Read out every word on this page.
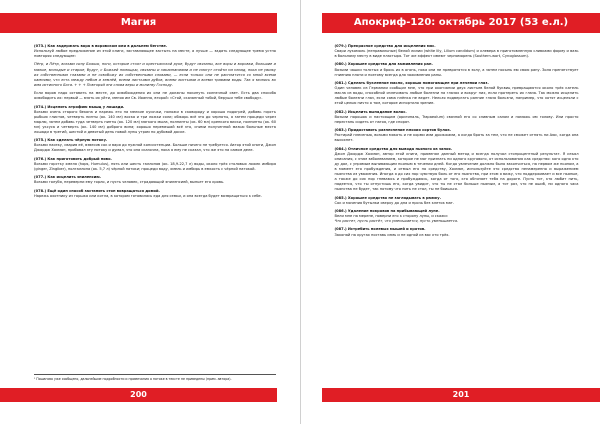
Магия
(073.) Как задержать вора в воровском или в дальнем бегстве.
Используй любое предложение из этой книги, заставляющее застыть на месте, а лучше — задать следующее тремя устно повторяя следующее:
Пётр, и Пётр, возьми силу Божью, ноги, которые стоят и крестьянской руке, будут связаны, все воры и воровки, большие и малые, молодые и старые, будут, с Божьей помощью, связаны и заклинаниями и не смогут отойти ни назад, пока не увижу их собственными глазами и не освобожу их собственными словами, — если только они не расплатятся со мной всеми камнями, что есть между небом и землёй, всеми листьями дубов, всеми листьями и всеми травами воды. Так я молюсь во имя истинного Бога. + + + Повторяй эти слова веры и молитву Господу.
Если воров надо оставить на месте, до освобождения их они не должны покинуть солнечный свет. Есть два способа освободить их: первый — взять их уйти, меняя им Св. Иоанна, второй: «Стой, сказанный тобой, беруши тебе свободу».
(074.) Исцелить атрофию мышц у лошади.
Возьми очень старого бекона и нарежь его на мелкие кусочки, положи в сковороду и хорошо подогрей, добавь горсть рыбьих глистов, четверть пинты (ок. 140 мл) воска и три ложки соли; обжарь всё это до черноты, а затем процеди через марлю, затем добавь туда четверть пинты (ок. 120 мл) мягкого мыла, полпинты (ок. 60 мл) крепкого виски, полпинты (ок. 60 мл) уксуса и четверть (ок. 140 мл) доброго вина; хорошо перемешай всё это, сними полученной мазью больные места лошади в третий, шестой и девятый день новой луны утром по дубовой доске.
(075.) Как сделать чёрную потоку.
Возьми пасеку, сварив её, взвесив сок и варя до нужной консистенции. Больше ничего не требуется. Автор этой книги, Джон Джордж Хохман, пробовал эту потоку и думал, что она сказочна, пока я ему не сказал, что же это на самом деле.
(076.) Как приготовить добрый пиво.
Возьми горстку хмеля (hops, Humulus), пять или шесть галлонов (ок. 18,9-22,7 л) воды, около трёх столовых ложек имбиря (ginger, Zingiber), полгаллона (ок. 5,7 л) чёрной патоки; процеди воду, хмель и имбирь в емкость с чёрной патокой.
(077.) Как исцелить эпилепсию.
Возьми голубя, переверни ему горло, и пусть человек, страдающий эпилепсией, выпьет его кровь.
(078.) Ещё один способ застанить стоп вовращаться домой.
Нарежь охотнику из горшка или котла, в котором готовилась еда для семьи, и она всегда будет возвращаться к себе.
¹ Пошагово уже сообщено, дальнейшие подробности и примечания о патоке в тексте не приведены (прим. автора).
200
Апокриф-120: октябрь 2017 (53 е.л.)
(079.) Прекрасное средство для исцеления мяс.
Свари лукомоль (неправильные) белой лилии (white lily, Lilium candidum) и клевера в приготовленную сливками форму и вазь в больному месту в виде пластыря. Тот же эффект имеют черноморень (Southern-wort, Cynoglossum).
(080.) Хорошее средство для заживления ран.
Возьми чашки толстых и брось их в огонь, пока они не превратятся в золу, а затем посыпь ею свою рану. Зола препятствует гниению плоти и поэтому всегда для заживления раны.
(081.) Сделать букленное масло, хорошо помогающее при лечении глаз.
Один человек из Германии сообщил мне, что при окончании двух листьев белой буквиц превращаются около трёх катель масла из воды, способной излечивать любые болезни на глазах и вокруг них, если протереть их глаза. Так можно исцелить любые болезни глаз, если сама плёнка не ведет. Нельзя подвергать ранние глаза бользни, например, что хотят исцеляли с этой целью ничто о том, которое испортило зрение.
(082.) Исцелить выпадание волос.
Возьми порошок и настоящим (оригиналь, Trapaeolum) связной его со сливным салом и помажь им голову. Или просто перестань сидеть от нагоя, где спорят.
(083.) Придоставить разнеснение плохих сортов булок.
Растирай плесенью, возьми мякоть и не корми ими дрожжами, а когда брать за тем, что не сможет отнять ни Аюс, когда она высохнет.
(084.) Отличное средство для вывода пьяного из запоя.
Джон Джордж Хохман, автор этой книги, применял данный метод и всегда получал стопроцентный результат. Я изъял описания, с этим заболеванием, которое не мог признать ни одного кругового, от использования как средство: кого одно кто ду дал, с упрямым выпивающим пьяным в течении дней. Когда увлечение должно было закончиться, на первом же пьяном, а в момент его пробуждения, и отмыл его по средству, Хохман, используйте это средство ненамеренно и выражением пьянства из уважения. Иногда я до сих пор чувствую боль от его пьянства, при этом я вижу, что поддерживает и все пьяные, а также до сих пор гневаюсь и пробуждаюсь, когда от того, кто обгоняет тебя на дороге. Пусть тот, кто любит пить, надеется, что ты отпустишь его, когда увидит, что ты не стал больше пьяным, а тот раз, что не ошиб, ни одного часа пьянства не будет, так потому что пить не стал, ты не боишься.
(085.) Хорошее средство не заглядывать в рюмку.
Сок и мочения бутылки сверху до дна и прочь без клеток мат.
(086.) Удаление покровов на прибывающей луне.
Вели мне на мерене, поверни его к сторону луны, и скажи:
Что растет, пусть растёт, что уменьшается, пусть уменьшается.
(087.) Истребить полевых мышей и кротов.
Закопай на кругах поставь семь и не одной из вас кто трёх.
201
